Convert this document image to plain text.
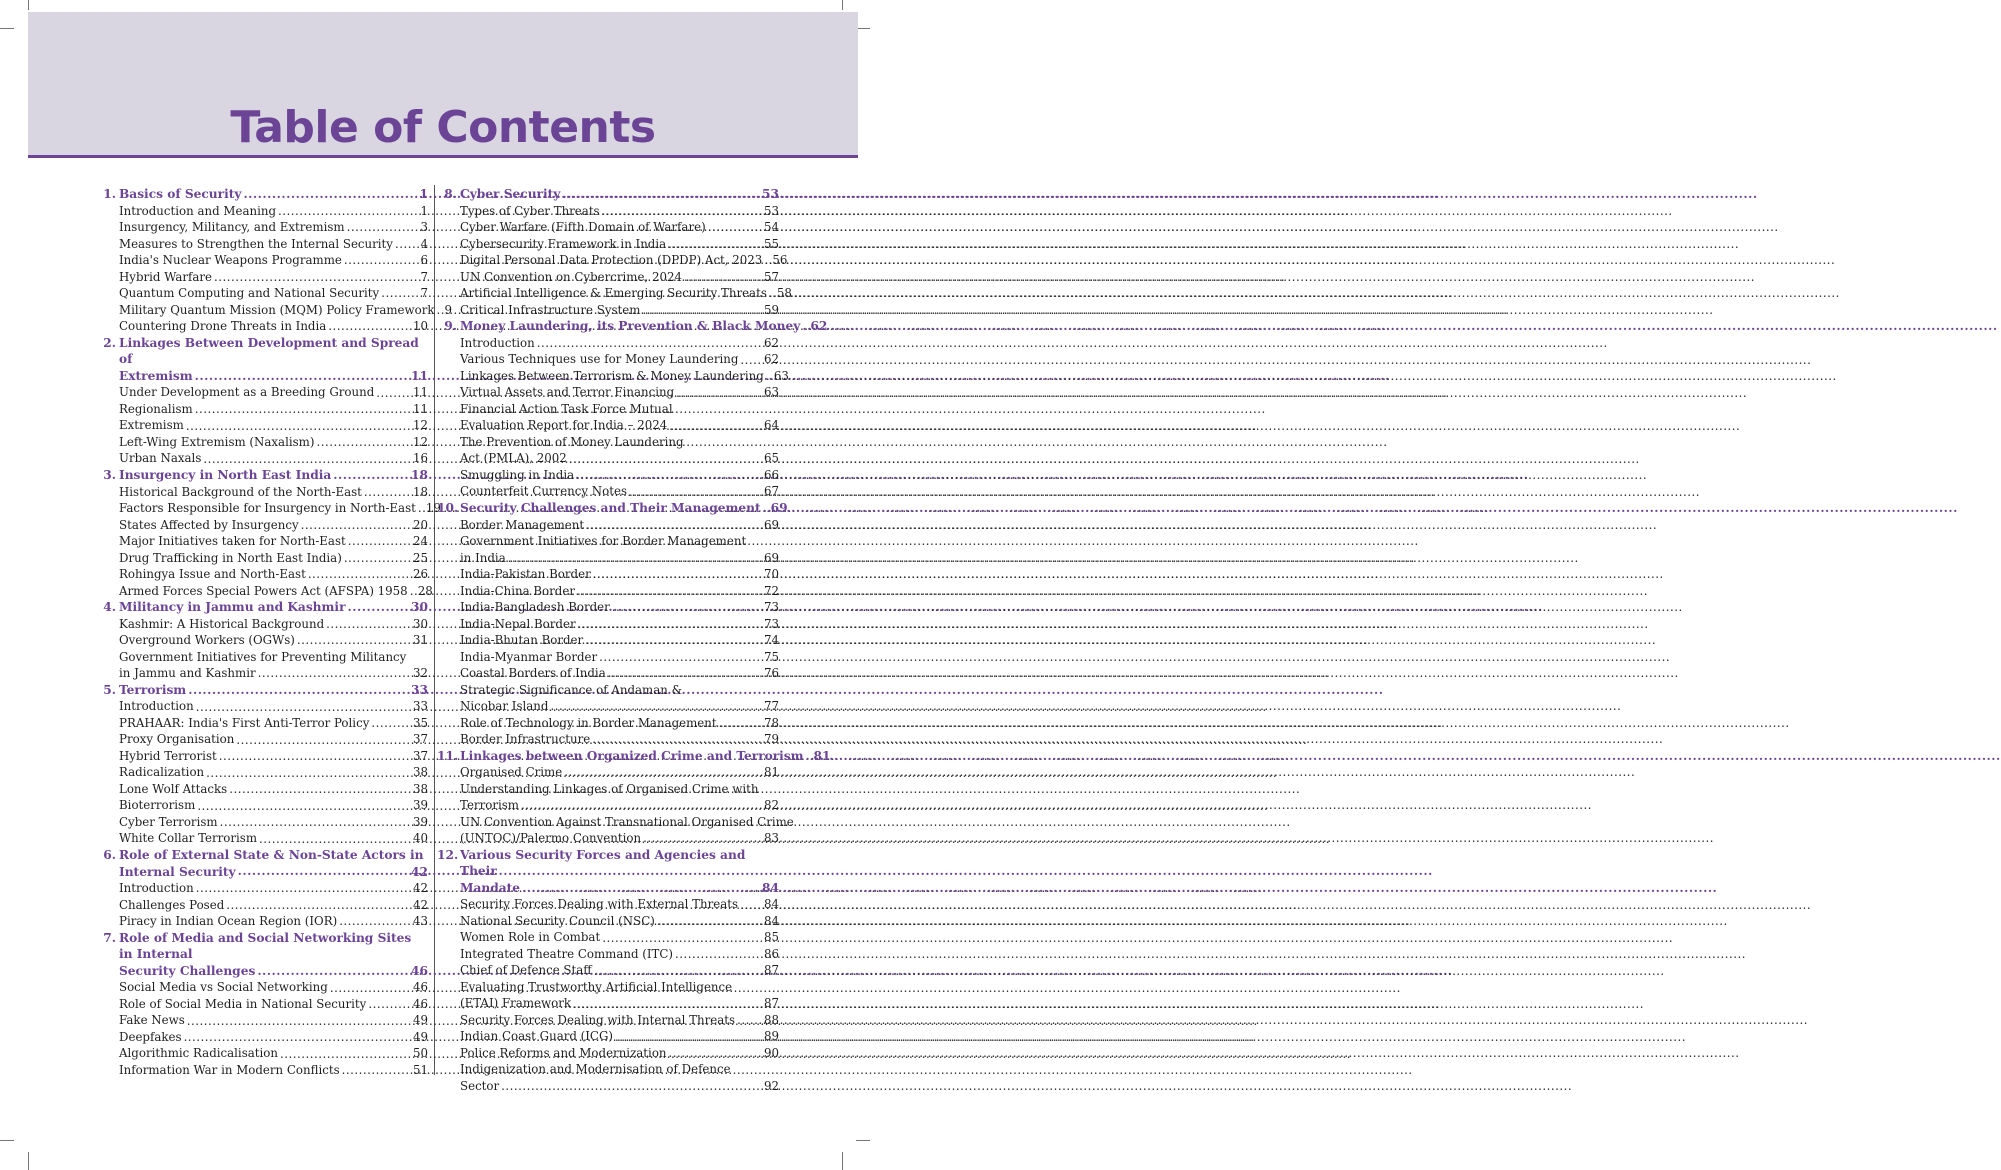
Table of Contents
1. Basics of Security .....	1
Introduction and Meaning .....	1
Insurgency, Militancy, and Extremism .....	3
Measures to Strengthen the Internal Security ..... 4
India's Nuclear Weapons Programme .....	6
Hybrid Warfare .....	7
Quantum Computing and National Security .....	7
Military Quantum Mission (MQM) Policy Framework ..... 9
Countering Drone Threats in India .....	10
2. Linkages Between Development and Spread of
Extremism .....	11
Under Development as a Breeding Ground .....	11
Regionalism .....	11
Extremism .....	12
Left-Wing Extremism (Naxalism) .....	12
Urban Naxals .....	16
3. Insurgency in North East India .....	18
Historical Background of the North-East .....	18
Factors Responsible for Insurgency in North-East ..... 19
States Affected by Insurgency .....	20
Major Initiatives taken for North-East .....	24
Drug Trafficking in North East India) .....	25
Rohingya Issue and North-East .....	26
Armed Forces Special Powers Act (AFSPA) 1958 ..... 28
4. Militancy in Jammu and Kashmir .....	30
Kashmir: A Historical Background .....	30
Overground Workers (OGWs) .....	31
Government Initiatives for Preventing Militancy
in Jammu and Kashmir .....	32
5. Terrorism .....	33
Introduction .....	33
PRAHAAR: India's First Anti-Terror Policy .....	35
Proxy Organisation .....	37
Hybrid Terrorist .....	37
Radicalization .....	38
Lone Wolf Attacks .....	38
Bioterrorism .....	39
Cyber Terrorism .....	39
White Collar Terrorism .....	40
6. Role of External State & Non-State Actors in
Internal Security .....	42
Introduction .....	42
Challenges Posed .....	42
Piracy in Indian Ocean Region (IOR) .....	43
7. Role of Media and Social Networking Sites in Internal
Security Challenges .....	46
Social Media vs Social Networking .....	46
Role of Social Media in National Security .....	46
Fake News .....	49
Deepfakes .....	49
Algorithmic Radicalisation .....	50
Information War in Modern Conflicts .....	51
8. Cyber Security .....	53
Types of Cyber Threats .....	53
Cyber Warfare (Fifth Domain of Warfare) .....	54
Cybersecurity Framework in India .....	55
Digital Personal Data Protection (DPDP) Act, 2023 ..... 56
UN Convention on Cybercrime, 2024 .....	57
Artificial Intelligence & Emerging Security Threats ..... 58
Critical Infrastructure System .....	59
9. Money Laundering, its Prevention & Black Money ..... 62
Introduction .....	62
Various Techniques use for Money Laundering ..... 62
Linkages Between Terrorism & Money Laundering ..... 63
Virtual Assets and Terror Financing .....	63
Financial Action Task Force Mutual
Evaluation Report for India – 2024 .....	64
The Prevention of Money Laundering
Act (PMLA), 2002 .....	65
Smuggling in India .....	66
Counterfeit Currency Notes .....	67
10. Security Challenges and Their Management ..... 69
Border Management .....	69
Government Initiatives for Border Management
in India .....	69
India-Pakistan Border .....	70
India-China Border .....	72
India-Bangladesh Border .....	73
India-Nepal Border .....	73
India-Bhutan Border .....	74
India-Myanmar Border .....	75
Coastal Borders of India .....	76
Strategic Significance of Andaman &
Nicobar Island .....	77
Role of Technology in Border Management .....	78
Border Infrastructure .....	79
11. Linkages between Organized Crime and Terrorism ..... 81
Organised Crime .....	81
Understanding Linkages of Organised Crime with
Terrorism .....	82
UN Convention Against Transnational Organised Crime
(UNTOC)/Palermo Convention .....	83
12. Various Security Forces and Agencies and Their
Mandate .....	84
Security Forces Dealing with External Threats ..... 84
National Security Council (NSC) .....	84
Women Role in Combat .....	85
Integrated Theatre Command (ITC) .....	86
Chief of Defence Staff .....	87
Evaluating Trustworthy Artificial Intelligence
(ETAI) Framework .....	87
Security Forces Dealing with Internal Threats ..... 88
Indian Coast Guard (ICG) .....	89
Police Reforms and Modernization .....	90
Indigenization and Modernisation of Defence
Sector .....	92
